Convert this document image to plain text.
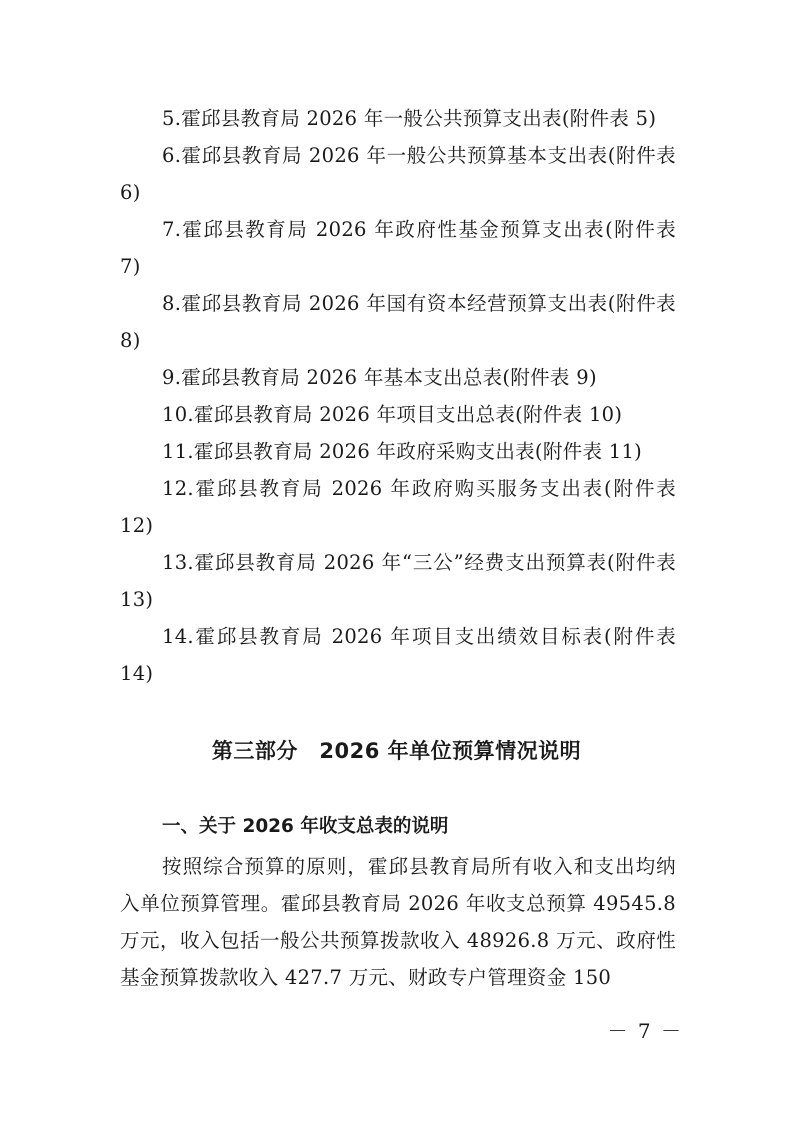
5.霍邱县教育局 2026 年一般公共预算支出表(附件表 5)

6.霍邱县教育局 2026 年一般公共预算基本支出表(附件表 6)

7.霍邱县教育局 2026 年政府性基金预算支出表(附件表 7)

8.霍邱县教育局 2026 年国有资本经营预算支出表(附件表 8)

9.霍邱县教育局 2026 年基本支出总表(附件表 9)

10.霍邱县教育局 2026 年项目支出总表(附件表 10)

11.霍邱县教育局 2026 年政府采购支出表(附件表 11)

12.霍邱县教育局 2026 年政府购买服务支出表(附件表 12)

13.霍邱县教育局 2026 年“三公”经费支出预算表(附件表 13)

14.霍邱县教育局 2026 年项目支出绩效目标表(附件表 14)

第三部分　2026 年单位预算情况说明
一、关于 2026 年收支总表的说明

按照综合预算的原则，霍邱县教育局所有收入和支出均纳入单位预算管理。霍邱县教育局 2026 年收支总预算 49545.8 万元，收入包括一般公共预算拨款收入 48926.8 万元、政府性基金预算拨款收入 427.7 万元、财政专户管理资金 150

－ 7 －
